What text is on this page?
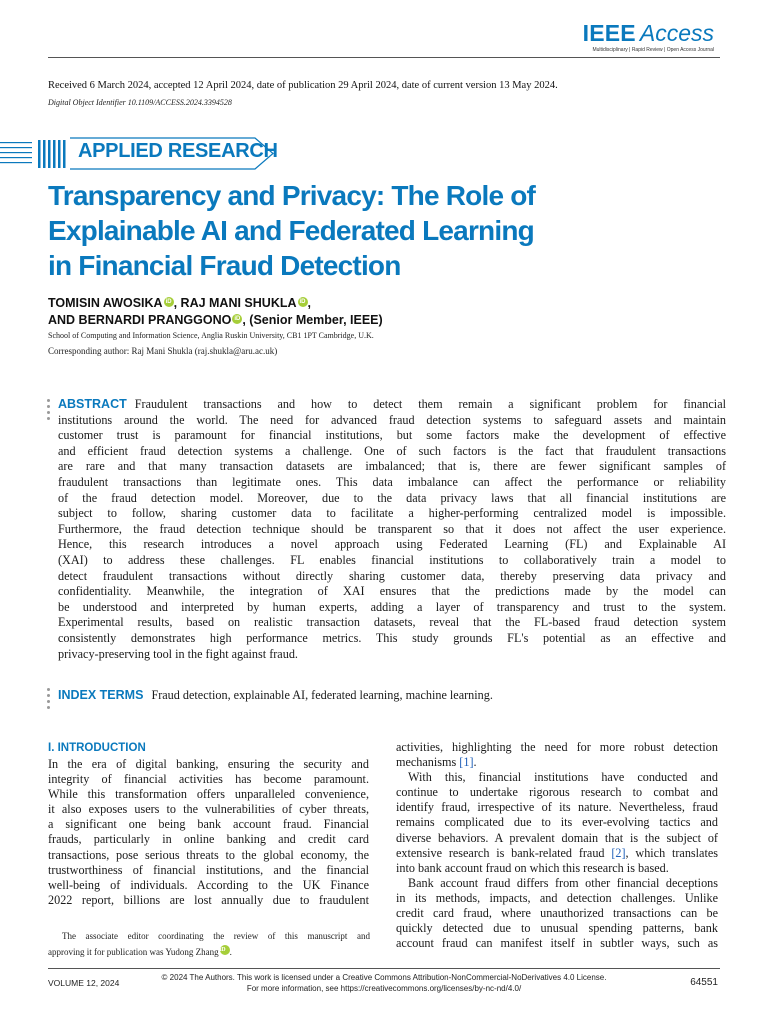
IEEE Access
Multidisciplinary | Rapid Review | Open Access Journal
Received 6 March 2024, accepted 12 April 2024, date of publication 29 April 2024, date of current version 13 May 2024.
Digital Object Identifier 10.1109/ACCESS.2024.3394528
APPLIED RESEARCH
Transparency and Privacy: The Role of
Explainable AI and Federated Learning
in Financial Fraud Detection
TOMISIN AWOSIKA iD , RAJ MANI SHUKLA iD ,
AND BERNARDI PRANGGONO iD , (Senior Member, IEEE)
School of Computing and Information Science, Anglia Ruskin University, CB1 1PT Cambridge, U.K.
Corresponding author: Raj Mani Shukla (raj.shukla@aru.ac.uk)
ABSTRACT Fraudulent transactions and how to detect them remain a significant problem for financial
institutions around the world. The need for advanced fraud detection systems to safeguard assets and maintain
customer trust is paramount for financial institutions, but some factors make the development of effective
and efficient fraud detection systems a challenge. One of such factors is the fact that fraudulent transactions
are rare and that many transaction datasets are imbalanced; that is, there are fewer significant samples of
fraudulent transactions than legitimate ones. This data imbalance can affect the performance or reliability
of the fraud detection model. Moreover, due to the data privacy laws that all financial institutions are
subject to follow, sharing customer data to facilitate a higher-performing centralized model is impossible.
Furthermore, the fraud detection technique should be transparent so that it does not affect the user experience.
Hence, this research introduces a novel approach using Federated Learning (FL) and Explainable AI
(XAI) to address these challenges. FL enables financial institutions to collaboratively train a model to
detect fraudulent transactions without directly sharing customer data, thereby preserving data privacy and
confidentiality. Meanwhile, the integration of XAI ensures that the predictions made by the model can
be understood and interpreted by human experts, adding a layer of transparency and trust to the system.
Experimental results, based on realistic transaction datasets, reveal that the FL-based fraud detection system
consistently demonstrates high performance metrics. This study grounds FL's potential as an effective and
privacy-preserving tool in the fight against fraud.
INDEX TERMS Fraud detection, explainable AI, federated learning, machine learning.
I. INTRODUCTION
In the era of digital banking, ensuring the security and
integrity of financial activities has become paramount.
While this transformation offers unparalleled convenience,
it also exposes users to the vulnerabilities of cyber threats,
a significant one being bank account fraud. Financial
frauds, particularly in online banking and credit card
transactions, pose serious threats to the global economy, the
trustworthiness of financial institutions, and the financial
well-being of individuals. According to the UK Finance
2022 report, billions are lost annually due to fraudulent
The associate editor coordinating the review of this manuscript and
approving it for publication was Yudong ZhangiD .
activities, highlighting the need for more robust detection
mechanisms [1].
With this, financial institutions have conducted and
continue to undertake rigorous research to combat and
identify fraud, irrespective of its nature. Nevertheless, fraud
remains complicated due to its ever-evolving tactics and
diverse behaviors. A prevalent domain that is the subject of
extensive research is bank-related fraud [2], which translates
into bank account fraud on which this research is based.
Bank account fraud differs from other financial deceptions
in its methods, impacts, and detection challenges. Unlike
credit card fraud, where unauthorized transactions can be
quickly detected due to unusual spending patterns, bank
account fraud can manifest itself in subtler ways, such as
© 2024 The Authors. This work is licensed under a Creative Commons Attribution-NonCommercial-NoDerivatives 4.0 License.
For more information, see https://creativecommons.org/licenses/by-nc-nd/4.0/
VOLUME 12, 2024	64551
